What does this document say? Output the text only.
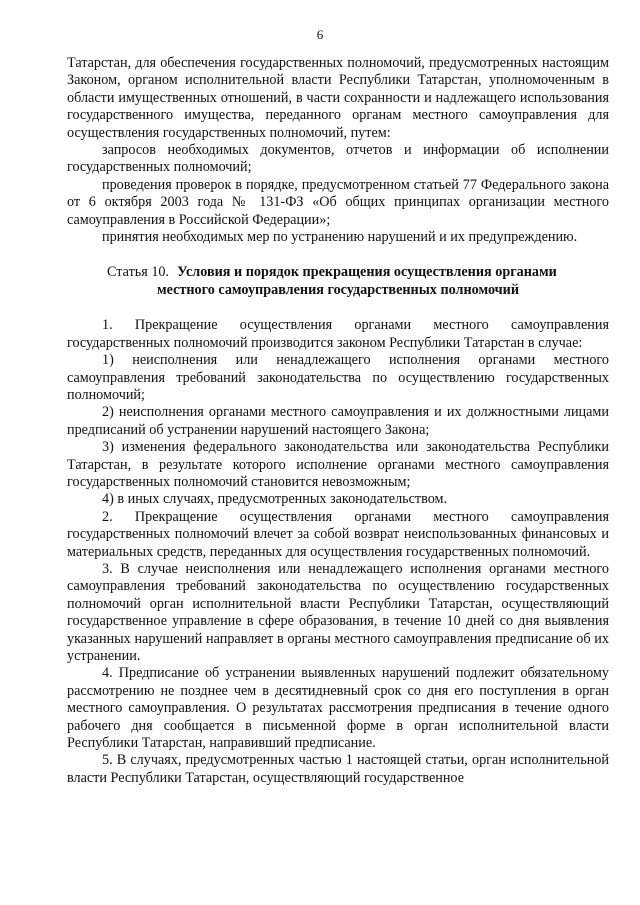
6

Татарстан, для обеспечения государственных полномочий, предусмотренных настоящим Законом, органом исполнительной власти Республики Татарстан, уполномоченным в области имущественных отношений, в части сохранности и надлежащего использования государственного имущества, переданного органам местного самоуправления для осуществления государственных полномочий, путем:

запросов необходимых документов, отчетов и информации об исполнении государственных полномочий;

проведения проверок в порядке, предусмотренном статьей 77 Федерального закона от 6 октября 2003 года № 131-ФЗ «Об общих принципах организации местного самоуправления в Российской Федерации»;

принятия необходимых мер по устранению нарушений и их предупреждению.

Статья 10. Условия и порядок прекращения осуществления органами
местного самоуправления государственных полномочий

1. Прекращение осуществления органами местного самоуправления государственных полномочий производится законом Республики Татарстан в случае:

1) неисполнения или ненадлежащего исполнения органами местного самоуправления требований законодательства по осуществлению государственных полномочий;

2) неисполнения органами местного самоуправления и их должностными лицами предписаний об устранении нарушений настоящего Закона;

3) изменения федерального законодательства или законодательства Республики Татарстан, в результате которого исполнение органами местного самоуправления государственных полномочий становится невозможным;

4) в иных случаях, предусмотренных законодательством.

2. Прекращение осуществления органами местного самоуправления государственных полномочий влечет за собой возврат неиспользованных финансовых и материальных средств, переданных для осуществления государственных полномочий.

3. В случае неисполнения или ненадлежащего исполнения органами местного самоуправления требований законодательства по осуществлению государственных полномочий орган исполнительной власти Республики Татарстан, осуществляющий государственное управление в сфере образования, в течение 10 дней со дня выявления указанных нарушений направляет в органы местного самоуправления предписание об их устранении.

4. Предписание об устранении выявленных нарушений подлежит обязательному рассмотрению не позднее чем в десятидневный срок со дня его поступления в орган местного самоуправления. О результатах рассмотрения предписания в течение одного рабочего дня сообщается в письменной форме в орган исполнительной власти Республики Татарстан, направивший предписание.

5. В случаях, предусмотренных частью 1 настоящей статьи, орган исполнительной власти Республики Татарстан, осуществляющий государственное
